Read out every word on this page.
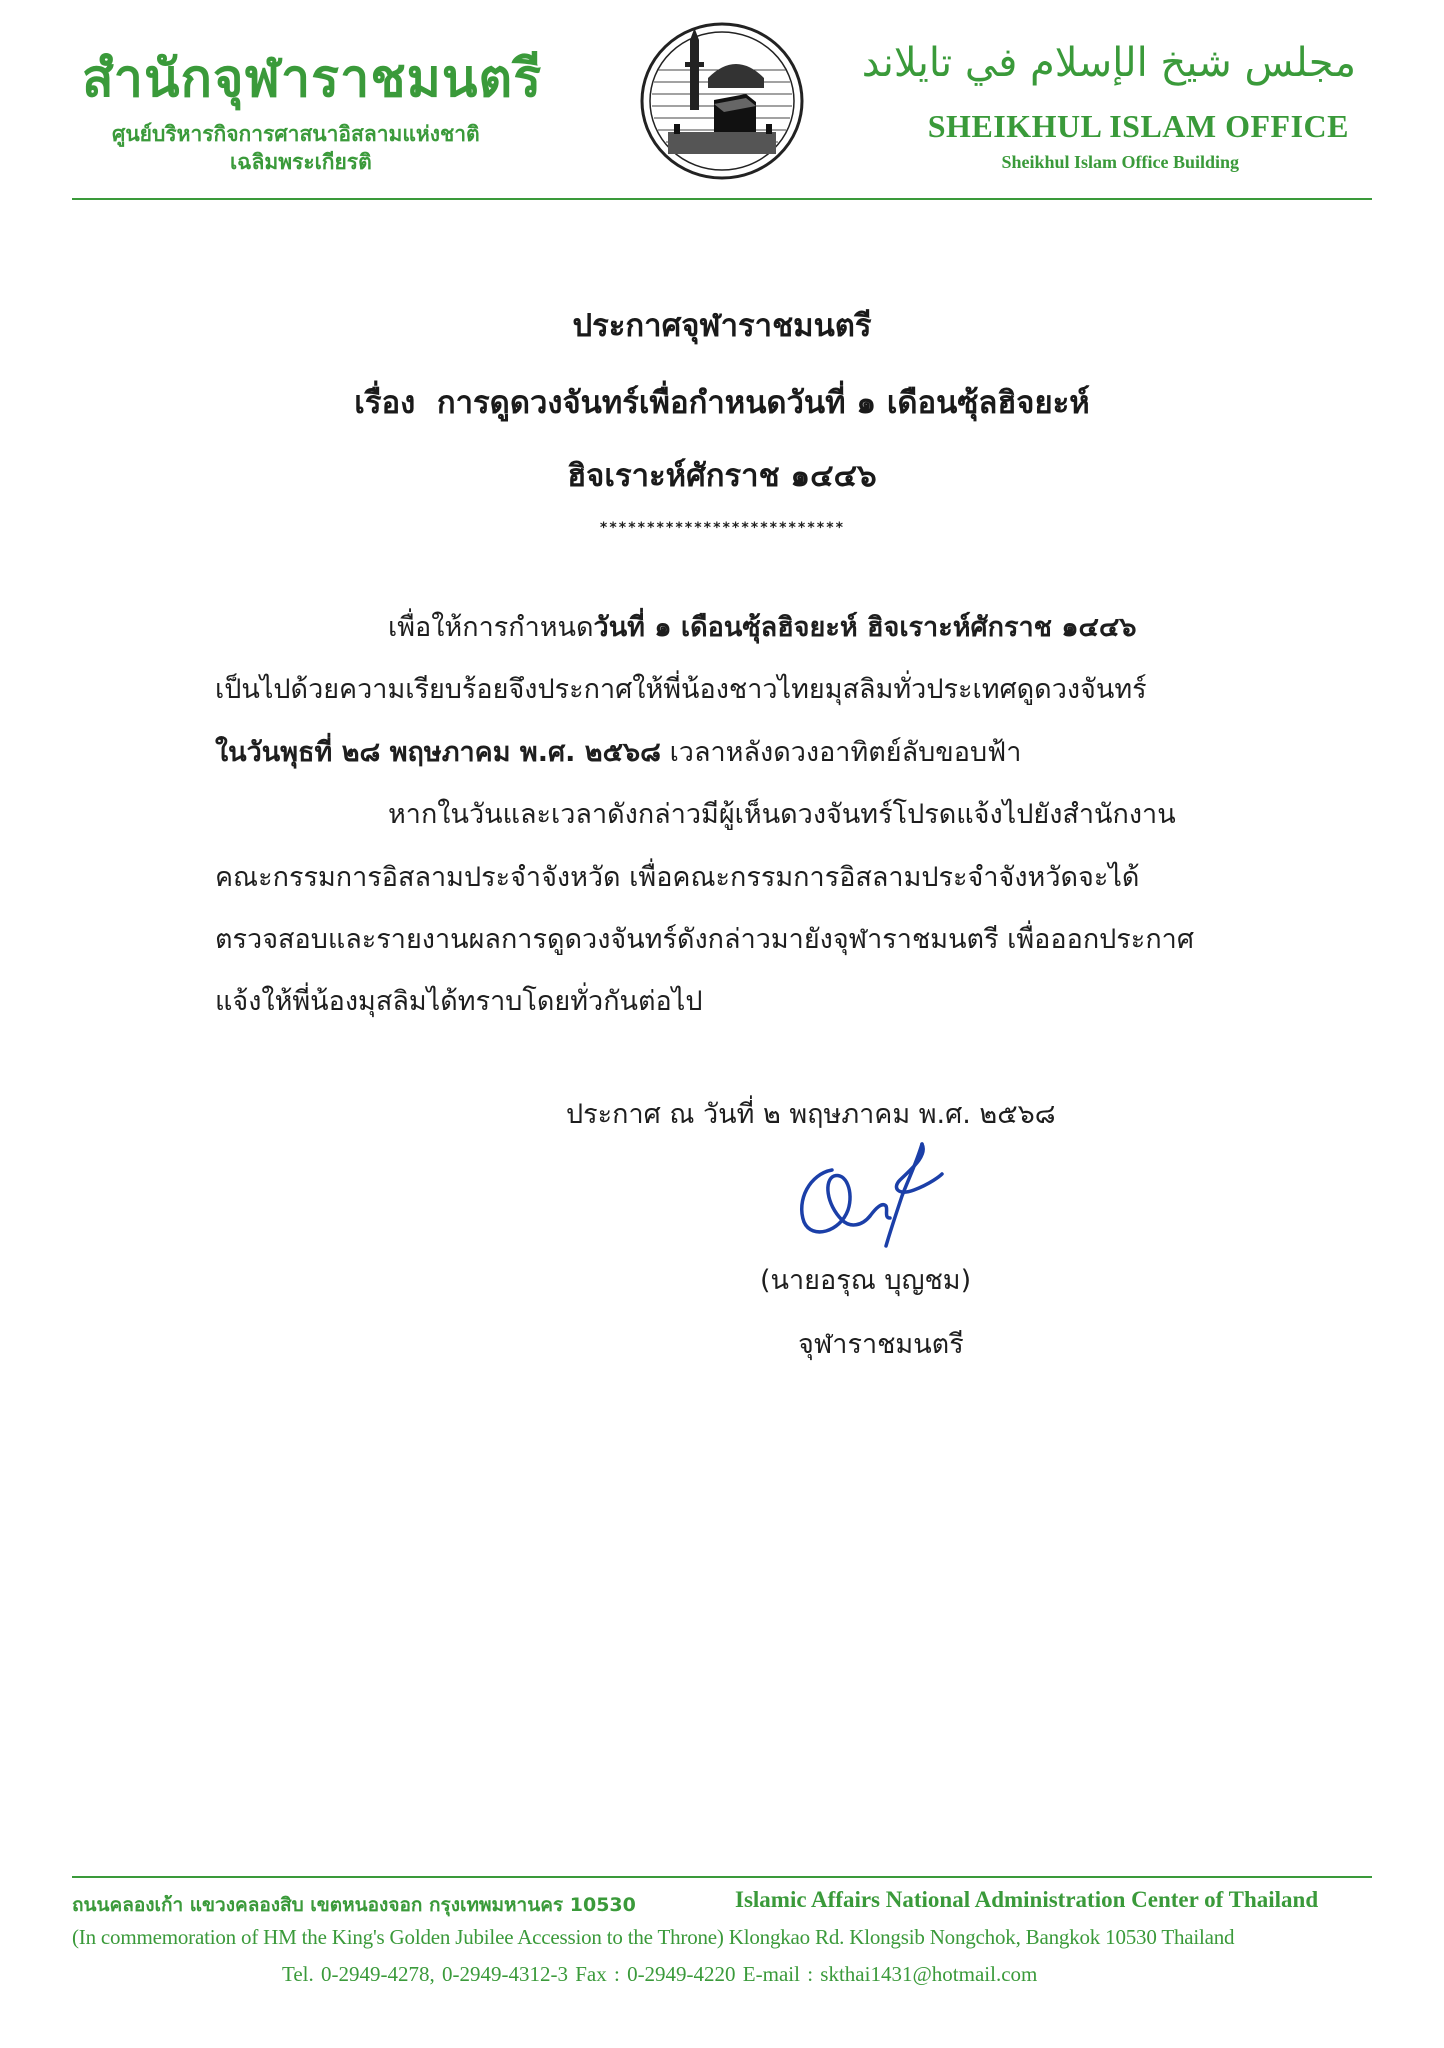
สำนักจุฬาราชมนตรี
ศูนย์บริหารกิจการศาสนาอิสลามแห่งชาติ
เฉลิมพระเกียรติ
مجلس شيخ الإسلام في تايلاند
SHEIKHUL ISLAM OFFICE
Sheikhul Islam Office Building
ประกาศจุฬาราชมนตรี
เรื่อง การดูดวงจันทร์เพื่อกำหนดวันที่ ๑ เดือนซุ้ลฮิจยะห์
ฮิจเราะห์ศักราช ๑๔๔๖
**************************
เพื่อให้การกำหนดวันที่ ๑ เดือนซุ้ลฮิจยะห์ ฮิจเราะห์ศักราช ๑๔๔๖
เป็นไปด้วยความเรียบร้อยจึงประกาศให้พี่น้องชาวไทยมุสลิมทั่วประเทศดูดวงจันทร์
ในวันพุธที่ ๒๘ พฤษภาคม พ.ศ. ๒๕๖๘ เวลาหลังดวงอาทิตย์ลับขอบฟ้า
หากในวันและเวลาดังกล่าวมีผู้เห็นดวงจันทร์โปรดแจ้งไปยังสำนักงาน
คณะกรรมการอิสลามประจำจังหวัด เพื่อคณะกรรมการอิสลามประจำจังหวัดจะได้
ตรวจสอบและรายงานผลการดูดวงจันทร์ดังกล่าวมายังจุฬาราชมนตรี เพื่อออกประกาศ
แจ้งให้พี่น้องมุสลิมได้ทราบโดยทั่วกันต่อไป
ประกาศ ณ วันที่ ๒ พฤษภาคม พ.ศ. ๒๕๖๘
(นายอรุณ บุญชม)
จุฬาราชมนตรี
ถนนคลองเก้า แขวงคลองสิบ เขตหนองจอก กรุงเทพมหานคร 10530	Islamic Affairs National Administration Center of Thailand
(In commemoration of HM the King's Golden Jubilee Accession to the Throne) Klongkao Rd. Klongsib Nongchok, Bangkok 10530 Thailand
Tel. 0-2949-4278, 0-2949-4312-3 Fax : 0-2949-4220 E-mail : skthai1431@hotmail.com
